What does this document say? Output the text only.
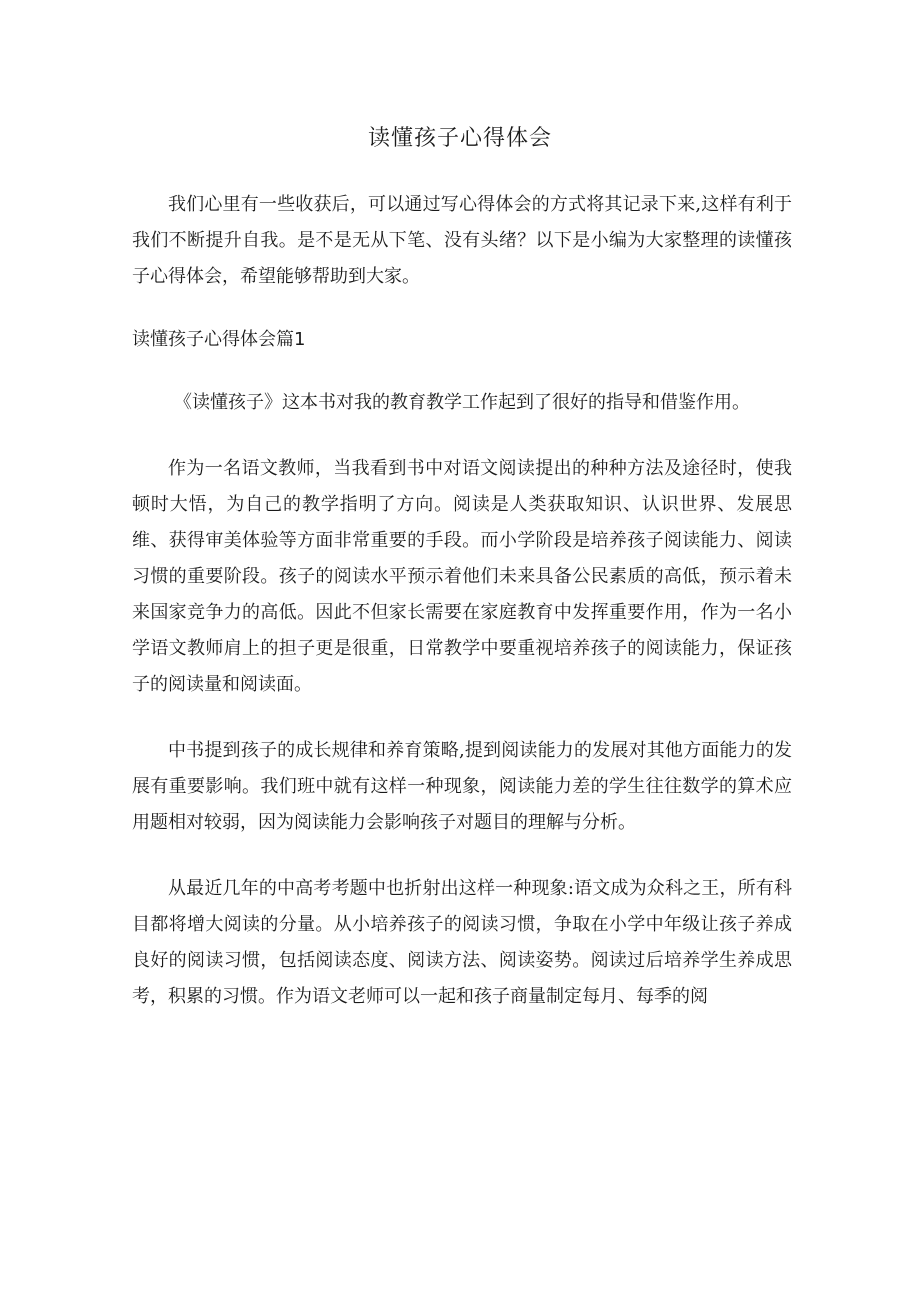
读懂孩子心得体会

我们心里有一些收获后，可以通过写心得体会的方式将其记录下来,这样有利于我们不断提升自我。是不是无从下笔、没有头绪？以下是小编为大家整理的读懂孩子心得体会，希望能够帮助到大家。

读懂孩子心得体会篇1

《读懂孩子》这本书对我的教育教学工作起到了很好的指导和借鉴作用。

作为一名语文教师，当我看到书中对语文阅读提出的种种方法及途径时，使我顿时大悟，为自己的教学指明了方向。阅读是人类获取知识、认识世界、发展思维、获得审美体验等方面非常重要的手段。而小学阶段是培养孩子阅读能力、阅读习惯的重要阶段。孩子的阅读水平预示着他们未来具备公民素质的高低，预示着未来国家竞争力的高低。因此不但家长需要在家庭教育中发挥重要作用，作为一名小学语文教师肩上的担子更是很重，日常教学中要重视培养孩子的阅读能力，保证孩子的阅读量和阅读面。

中书提到孩子的成长规律和养育策略,提到阅读能力的发展对其他方面能力的发展有重要影响。我们班中就有这样一种现象，阅读能力差的学生往往数学的算术应用题相对较弱，因为阅读能力会影响孩子对题目的理解与分析。

从最近几年的中高考考题中也折射出这样一种现象:语文成为众科之王，所有科目都将增大阅读的分量。从小培养孩子的阅读习惯，争取在小学中年级让孩子养成良好的阅读习惯，包括阅读态度、阅读方法、阅读姿势。阅读过后培养学生养成思考，积累的习惯。作为语文老师可以一起和孩子商量制定每月、每季的阅
